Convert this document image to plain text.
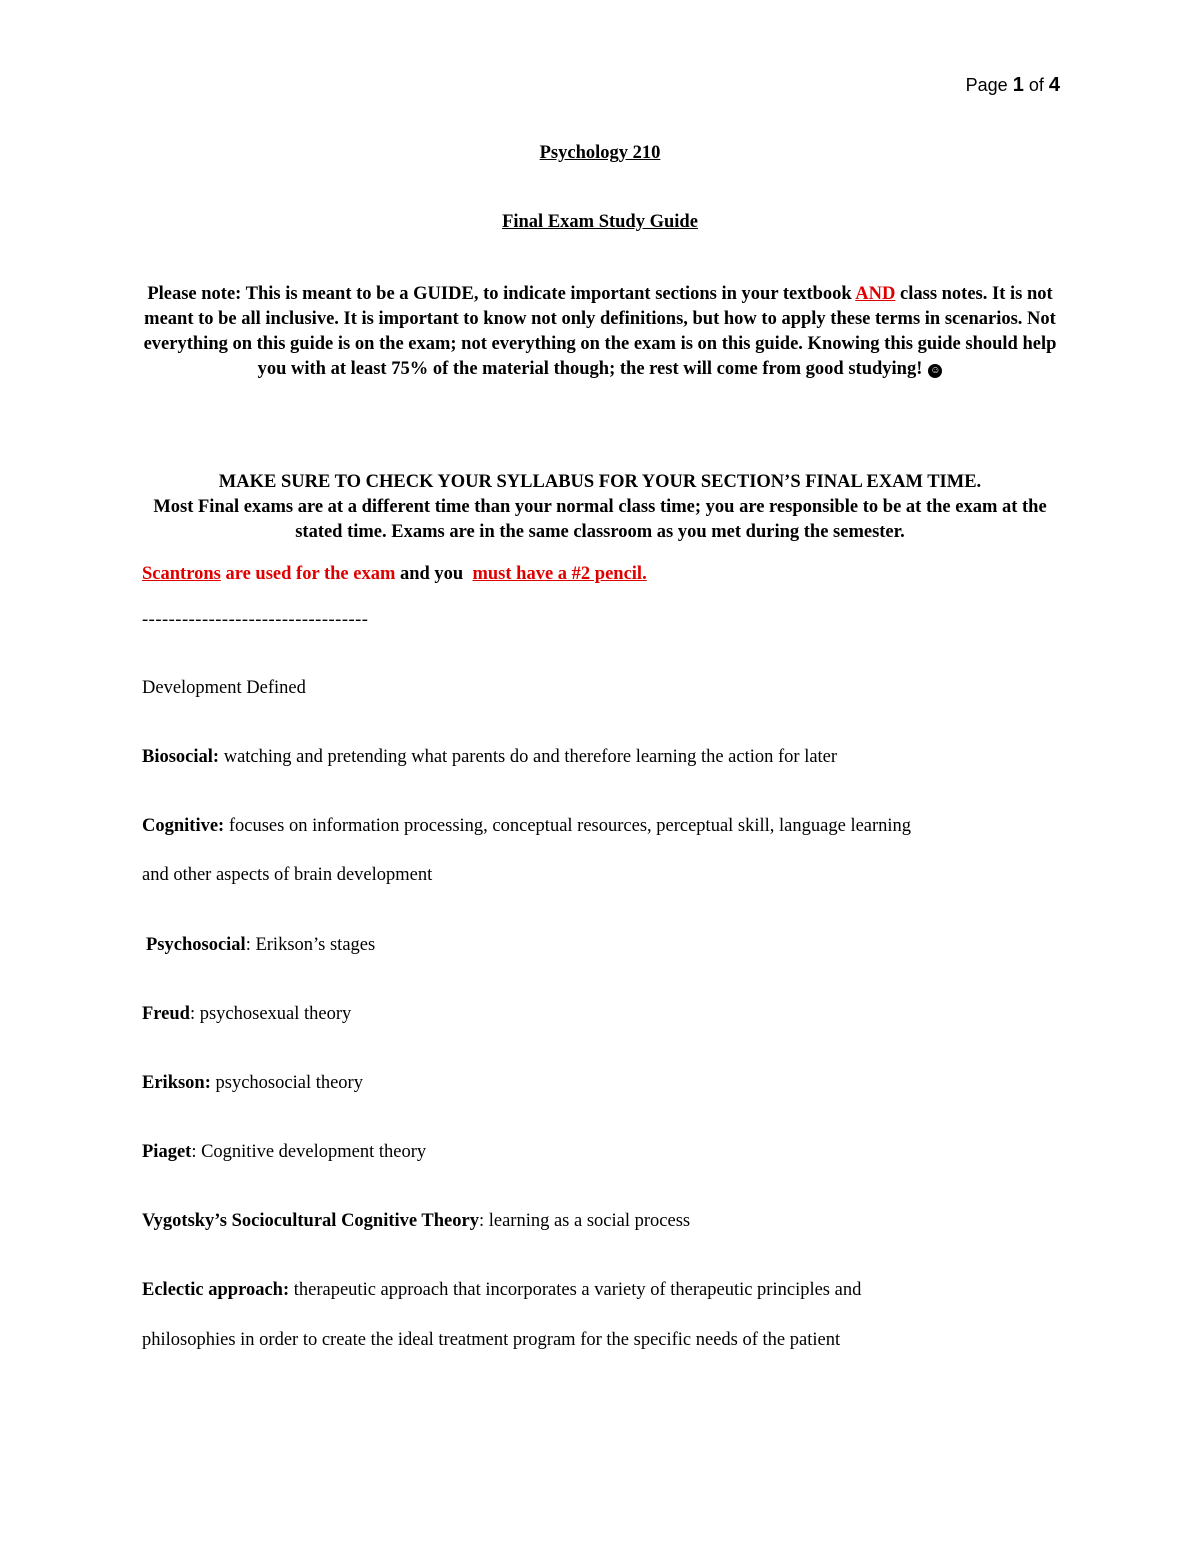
Page 1 of 4
Psychology 210
Final Exam Study Guide
Please note: This is meant to be a GUIDE, to indicate important sections in your textbook AND class notes. It is not meant to be all inclusive. It is important to know not only definitions, but how to apply these terms in scenarios. Not everything on this guide is on the exam; not everything on the exam is on this guide. Knowing this guide should help you with at least 75% of the material though; the rest will come from good studying! ☺
MAKE SURE TO CHECK YOUR SYLLABUS FOR YOUR SECTION’S FINAL EXAM TIME.
Most Final exams are at a different time than your normal class time; you are responsible to be at the exam at the stated time. Exams are in the same classroom as you met during the semester.
Scantrons are used for the exam and you  must have a #2 pencil.
----------------------------------
Development Defined
Biosocial: watching and pretending what parents do and therefore learning the action for later
Cognitive: focuses on information processing, conceptual resources, perceptual skill, language learning
and other aspects of brain development
Psychosocial: Erikson’s stages
Freud: psychosexual theory
Erikson: psychosocial theory
Piaget: Cognitive development theory
Vygotsky’s Sociocultural Cognitive Theory: learning as a social process
Eclectic approach: therapeutic approach that incorporates a variety of therapeutic principles and
philosophies in order to create the ideal treatment program for the specific needs of the patient
